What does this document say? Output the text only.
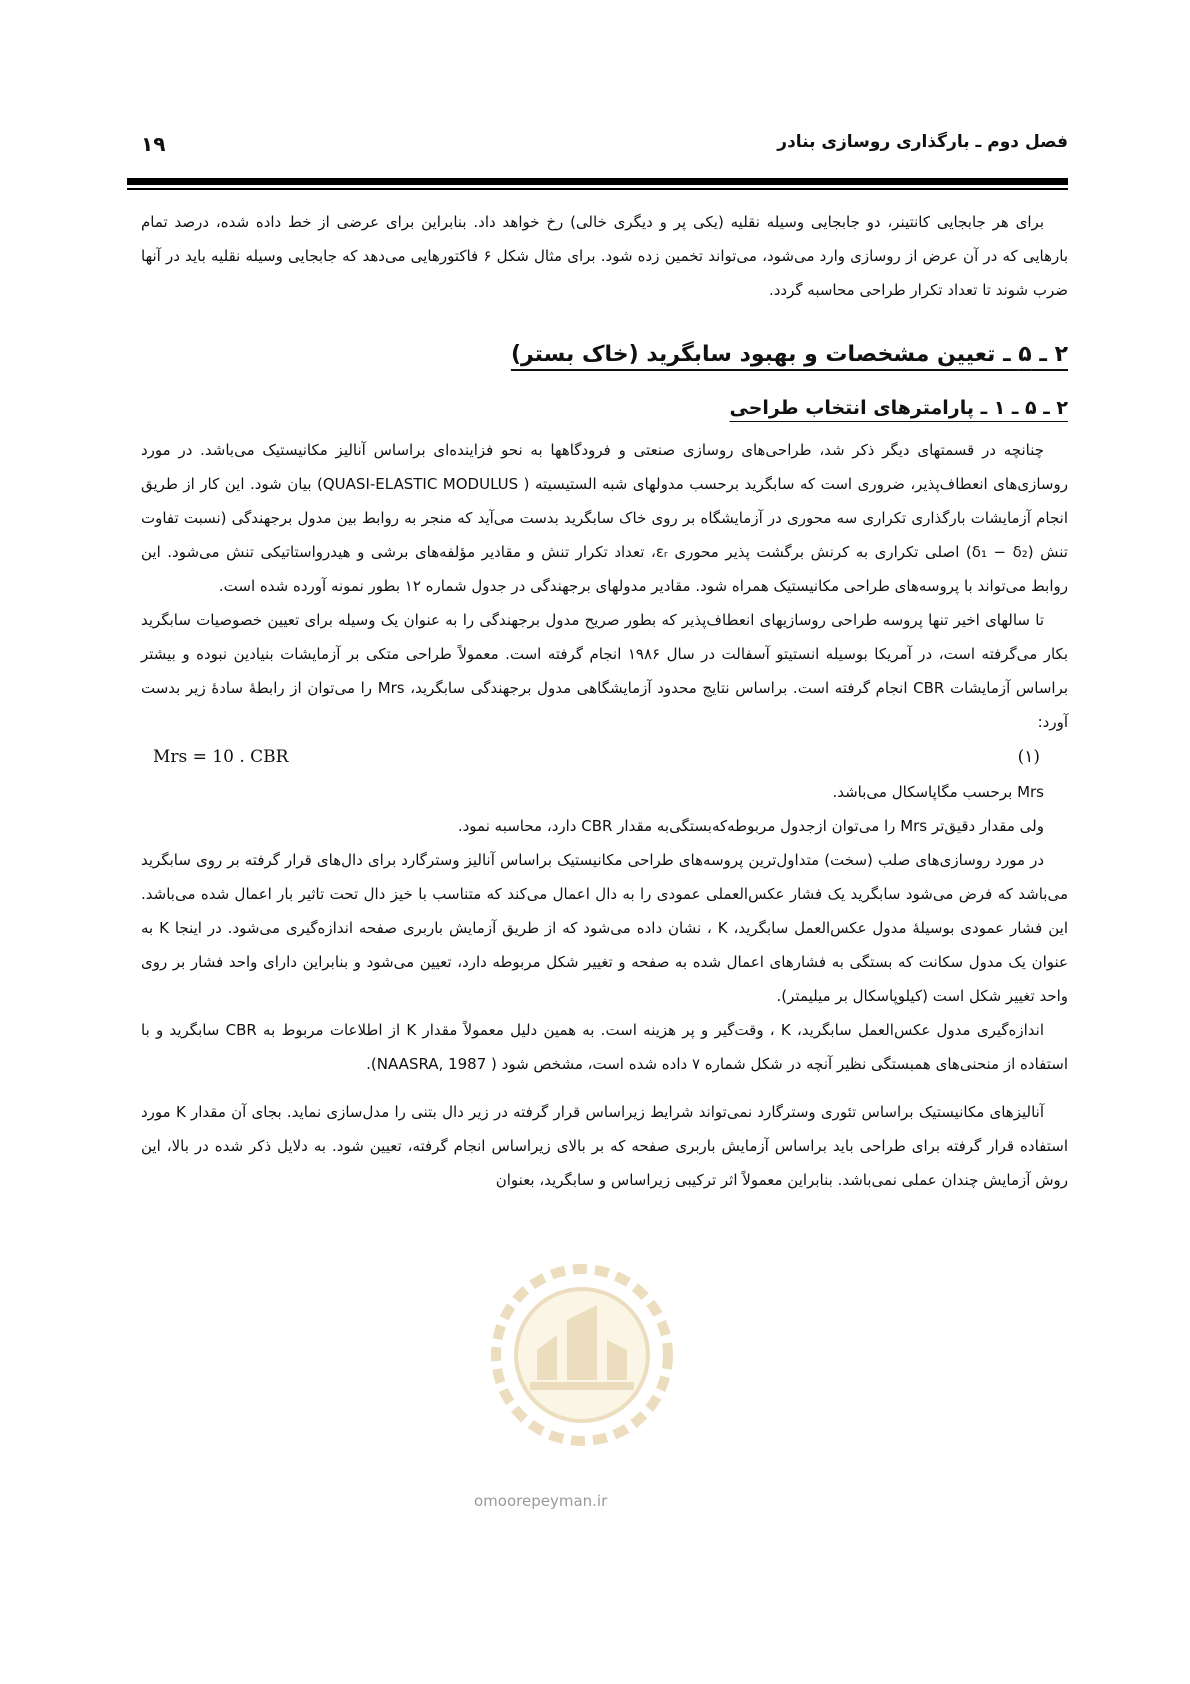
۱۹	فصل دوم ـ بارگذاری روسازی بنادر

برای هر جابجایی کانتینر، دو جابجایی وسیله نقلیه (یکی پر و دیگری خالی) رخ خواهد داد. بنابراین برای عرضی از خط داده شده، درصد تمام بارهایی که در آن عرض از روسازی وارد می‌شود، می‌تواند تخمین زده شود. برای مثال شکل ۶ فاکتورهایی می‌دهد که جابجایی وسیله نقلیه باید در آنها ضرب شوند تا تعداد تکرار طراحی محاسبه گردد.

۲ ـ ۵ ـ تعیین مشخصات و بهبود سابگرید (خاک بستر)
۲ ـ ۵ ـ ۱ ـ پارامترهای انتخاب طراحی

چنانچه در قسمتهای دیگر ذکر شد، طراحی‌های روسازی صنعتی و فرودگاهها به نحو فزاینده‌ای براساس آنالیز مکانیستیک می‌باشد. در مورد روسازی‌های انعطاف‌پذیر، ضروری است که سابگرید برحسب مدولهای شبه الستیسیته ( QUASI-ELASTIC MODULUS) بیان شود. این کار از طریق انجام آزمایشات بارگذاری تکراری سه محوری در آزمایشگاه بر روی خاک سابگرید بدست می‌آید که منجر به روابط بین مدول برجهندگی (نسبت تفاوت تنش (δ₁ − δ₂) اصلی تکراری به کرنش برگشت پذیر محوری εᵣ، تعداد تکرار تنش و مقادیر مؤلفه‌های برشی و هیدرواستاتیکی تنش می‌شود. این روابط می‌تواند با پروسه‌های طراحی مکانیستیک همراه شود. مقادیر مدولهای برجهندگی در جدول شماره ۱۲ بطور نمونه آورده شده است.

تا سالهای اخیر تنها پروسه طراحی روسازیهای انعطاف‌پذیر که بطور صریح مدول برجهندگی را به عنوان یک وسیله برای تعیین خصوصیات سابگرید بکار می‌گرفته است، در آمریکا بوسیله انستیتو آسفالت در سال ۱۹۸۶ انجام گرفته است. معمولاً طراحی متکی بر آزمایشات بنیادین نبوده و بیشتر براساس آزمایشات CBR انجام گرفته است. براساس نتایج محدود آزمایشگاهی مدول برجهندگی سابگرید، Mrs را می‌توان از رابطهٔ سادهٔ زیر بدست آورد:

Mrs = 10 . CBR	(۱)

Mrs برحسب مگاپاسکال می‌باشد.

ولی مقدار دقیق‌تر Mrs را می‌توان ازجدول مربوطه‌که‌بستگی‌به مقدار CBR دارد، محاسبه نمود.

در مورد روسازی‌های صلب (سخت) متداول‌ترین پروسه‌های طراحی مکانیستیک براساس آنالیز وسترگارد برای دال‌های قرار گرفته بر روی سابگرید می‌باشد که فرض می‌شود سابگرید یک فشار عکس‌العملی عمودی را به دال اعمال می‌کند که متناسب با خیز دال تحت تاثیر بار اعمال شده می‌باشد. این فشار عمودی بوسیلهٔ مدول عکس‌العمل سابگرید، K ، نشان داده می‌شود که از طریق آزمایش باربری صفحه اندازه‌گیری می‌شود. در اینجا K به عنوان یک مدول سکانت که بستگی به فشارهای اعمال شده به صفحه و تغییر شکل مربوطه دارد، تعیین می‌شود و بنابراین دارای واحد فشار بر روی واحد تغییر شکل است (کیلوپاسکال بر میلیمتر).

اندازه‌گیری مدول عکس‌العمل سابگرید، K ، وقت‌گیر و پر هزینه است. به همین دلیل معمولاً مقدار K از اطلاعات مربوط به CBR سابگرید و با استفاده از منحنی‌های همبستگی نظیر آنچه در شکل شماره ۷ داده شده است، مشخص شود ( NAASRA, 1987).

آنالیزهای مکانیستیک براساس تئوری وسترگارد نمی‌تواند شرایط زیراساس قرار گرفته در زیر دال بتنی را مدل‌سازی نماید. بجای آن مقدار K مورد استفاده قرار گرفته برای طراحی باید براساس آزمایش باربری صفحه که بر بالای زیراساس انجام گرفته، تعیین شود. به دلایل ذکر شده در بالا، این روش آزمایش چندان عملی نمی‌باشد. بنابراین معمولاً اثر ترکیبی زیراساس و سابگرید، بعنوان

omoorepeyman.ir
